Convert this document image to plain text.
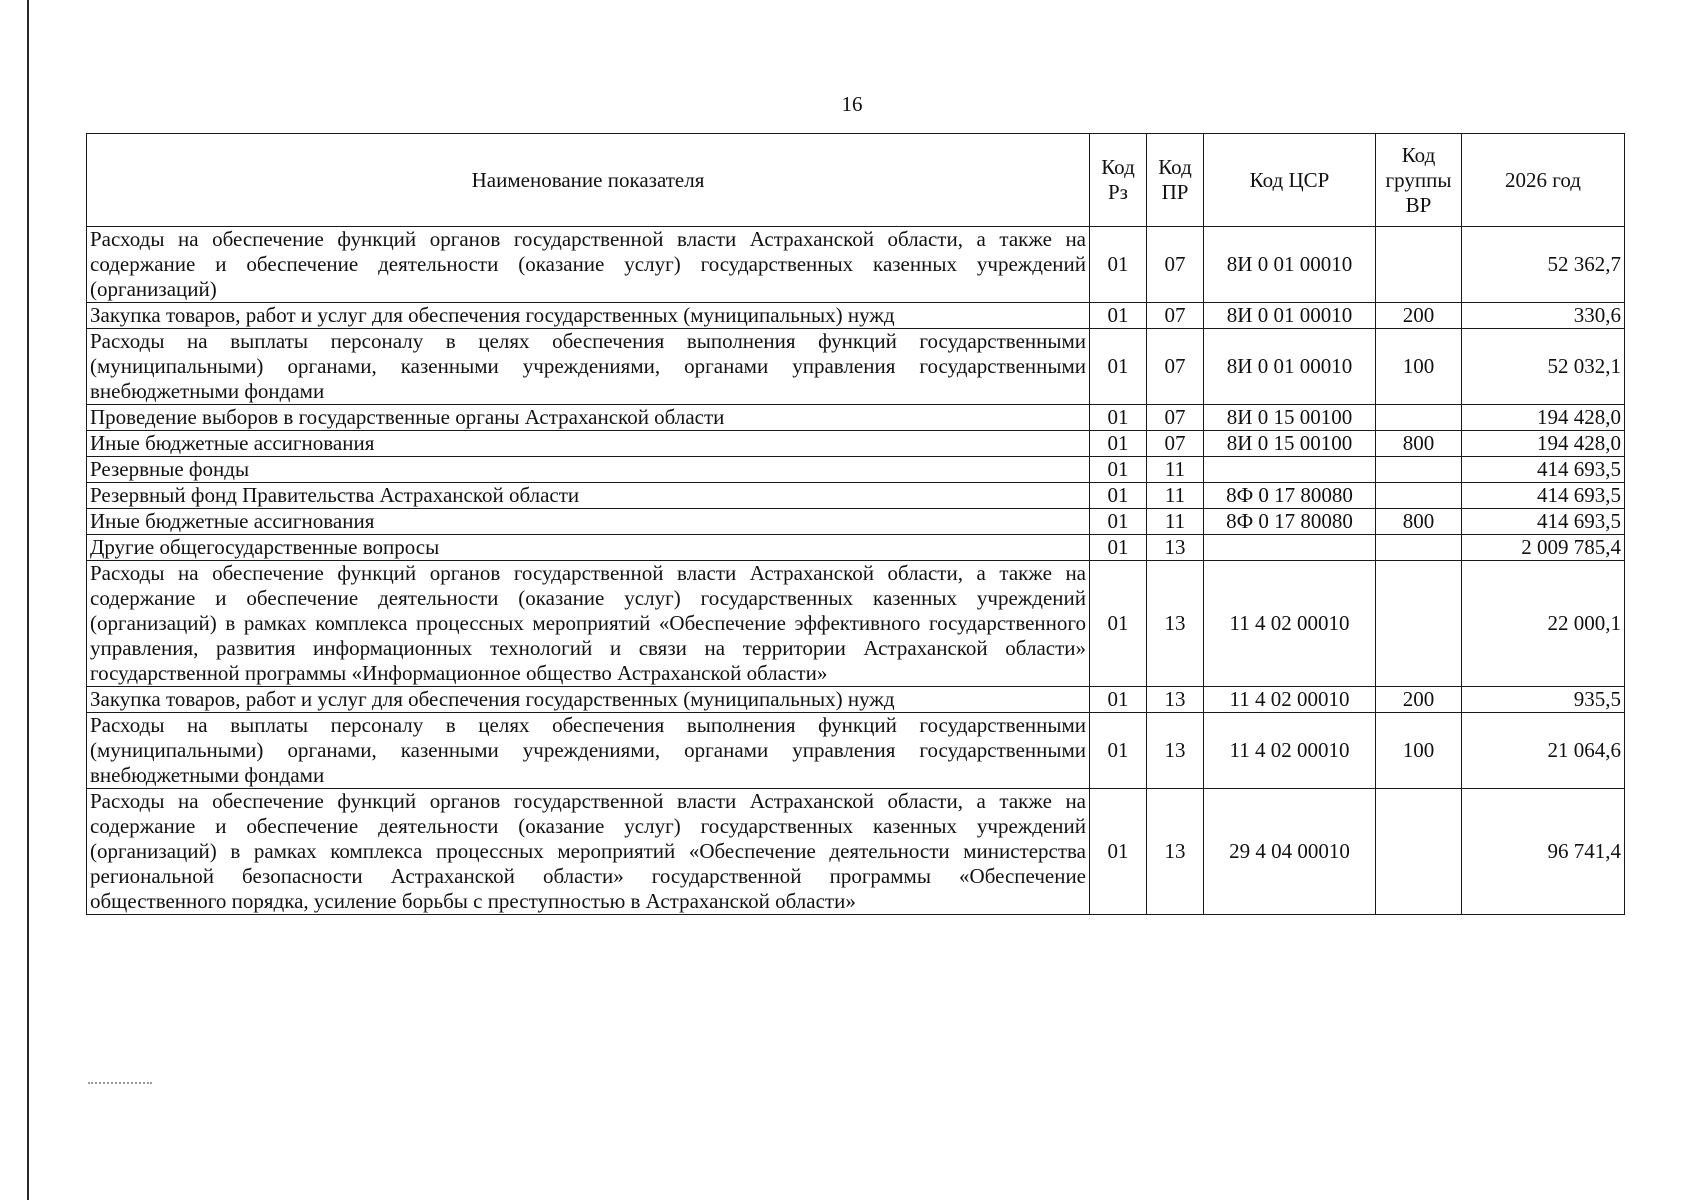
16
Наименование показателя	Код Рз	Код ПР	Код ЦСР	Код группы ВР	2026 год
Расходы на обеспечение функций органов государственной власти Астраханской области, а также на содержание и обеспечение деятельности (оказание услуг) государственных казенных учреждений (организаций)	01	07	8И 0 01 00010		52 362,7
Закупка товаров, работ и услуг для обеспечения государственных (муниципальных) нужд	01	07	8И 0 01 00010	200	330,6
Расходы на выплаты персоналу в целях обеспечения выполнения функций государственными (муниципальными) органами, казенными учреждениями, органами управления государственными внебюджетными фондами	01	07	8И 0 01 00010	100	52 032,1
Проведение выборов в государственные органы Астраханской области	01	07	8И 0 15 00100		194 428,0
Иные бюджетные ассигнования	01	07	8И 0 15 00100	800	194 428,0
Резервные фонды	01	11			414 693,5
Резервный фонд Правительства Астраханской области	01	11	8Ф 0 17 80080		414 693,5
Иные бюджетные ассигнования	01	11	8Ф 0 17 80080	800	414 693,5
Другие общегосударственные вопросы	01	13			2 009 785,4
Расходы на обеспечение функций органов государственной власти Астраханской области, а также на содержание и обеспечение деятельности (оказание услуг) государственных казенных учреждений (организаций) в рамках комплекса процессных мероприятий «Обеспечение эффективного государственного управления, развития информационных технологий и связи на территории Астраханской области» государственной программы «Информационное общество Астраханской области»	01	13	11 4 02 00010		22 000,1
Закупка товаров, работ и услуг для обеспечения государственных (муниципальных) нужд	01	13	11 4 02 00010	200	935,5
Расходы на выплаты персоналу в целях обеспечения выполнения функций государственными (муниципальными) органами, казенными учреждениями, органами управления государственными внебюджетными фондами	01	13	11 4 02 00010	100	21 064,6
Расходы на обеспечение функций органов государственной власти Астраханской области, а также на содержание и обеспечение деятельности (оказание услуг) государственных казенных учреждений (организаций) в рамках комплекса процессных мероприятий «Обеспечение деятельности министерства региональной безопасности Астраханской области» государственной программы «Обеспечение общественного порядка, усиление борьбы с преступностью в Астраханской области»	01	13	29 4 04 00010		96 741,4
